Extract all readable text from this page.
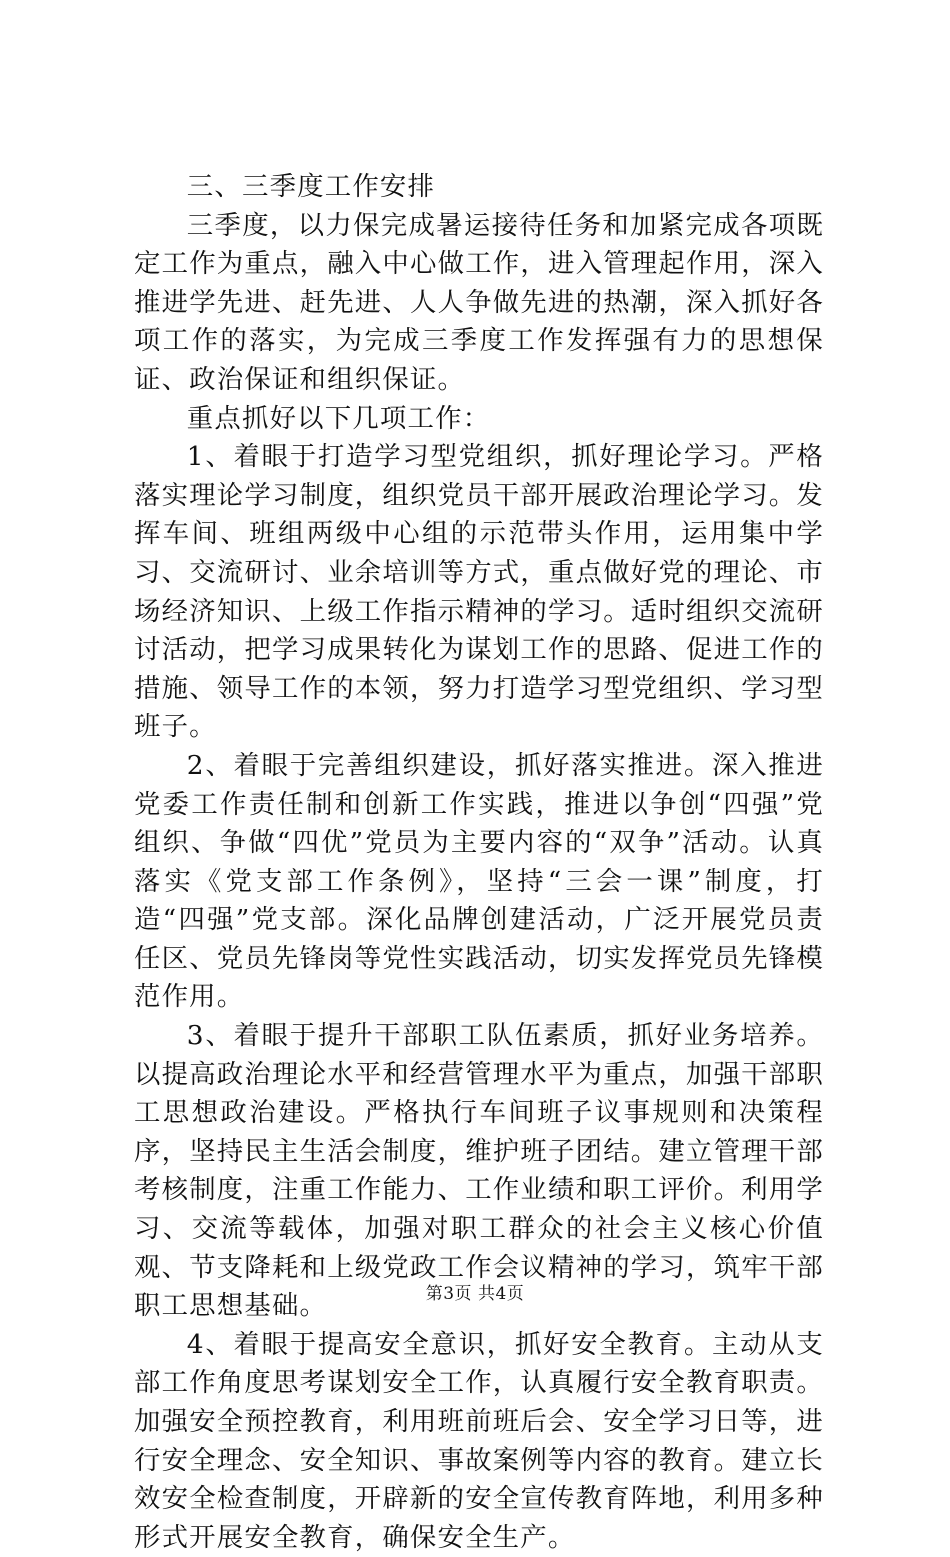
三、三季度工作安排

三季度，以力保完成暑运接待任务和加紧完成各项既定工作为重点，融入中心做工作，进入管理起作用，深入推进学先进、赶先进、人人争做先进的热潮，深入抓好各项工作的落实，为完成三季度工作发挥强有力的思想保证、政治保证和组织保证。

重点抓好以下几项工作：

1、着眼于打造学习型党组织，抓好理论学习。严格落实理论学习制度，组织党员干部开展政治理论学习。发挥车间、班组两级中心组的示范带头作用，运用集中学习、交流研讨、业余培训等方式，重点做好党的理论、市场经济知识、上级工作指示精神的学习。适时组织交流研讨活动，把学习成果转化为谋划工作的思路、促进工作的措施、领导工作的本领，努力打造学习型党组织、学习型班子。

2、着眼于完善组织建设，抓好落实推进。深入推进党委工作责任制和创新工作实践，推进以争创“四强”党组织、争做“四优”党员为主要内容的“双争”活动。认真落实《党支部工作条例》，坚持“三会一课”制度，打造“四强”党支部。深化品牌创建活动，广泛开展党员责任区、党员先锋岗等党性实践活动，切实发挥党员先锋模范作用。

3、着眼于提升干部职工队伍素质，抓好业务培养。以提高政治理论水平和经营管理水平为重点，加强干部职工思想政治建设。严格执行车间班子议事规则和决策程序，坚持民主生活会制度，维护班子团结。建立管理干部考核制度，注重工作能力、工作业绩和职工评价。利用学习、交流等载体，加强对职工群众的社会主义核心价值观、节支降耗和上级党政工作会议精神的学习，筑牢干部职工思想基础。

4、着眼于提高安全意识，抓好安全教育。主动从支部工作角度思考谋划安全工作，认真履行安全教育职责。加强安全预控教育，利用班前班后会、安全学习日等，进行安全理念、安全知识、事故案例等内容的教育。建立长效安全检查制度，开辟新的安全宣传教育阵地，利用多种形式开展安全教育，确保安全生产。

第3页 共4页
